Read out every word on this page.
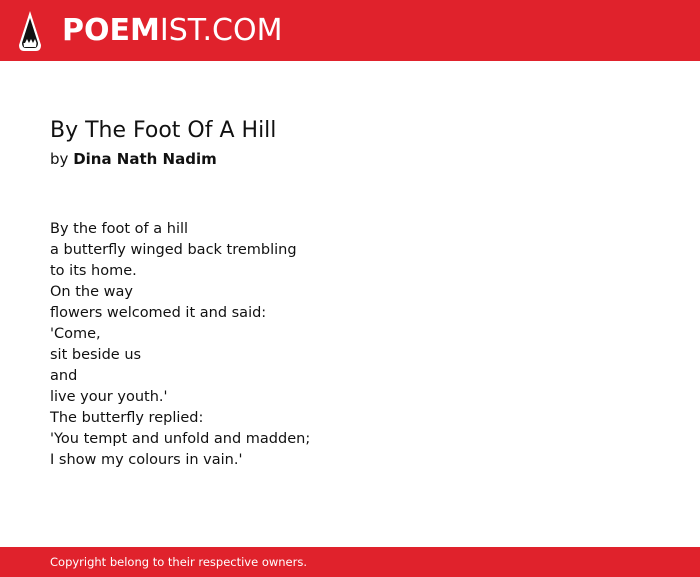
POEMIST.COM
By The Foot Of A Hill
by Dina Nath Nadim
By the foot of a hill
a butterfly winged back trembling
to its home.
On the way
flowers welcomed it and said:
'Come,
sit beside us
and
live your youth.'
The butterfly replied:
'You tempt and unfold and madden;
I show my colours in vain.'
Copyright belong to their respective owners.
